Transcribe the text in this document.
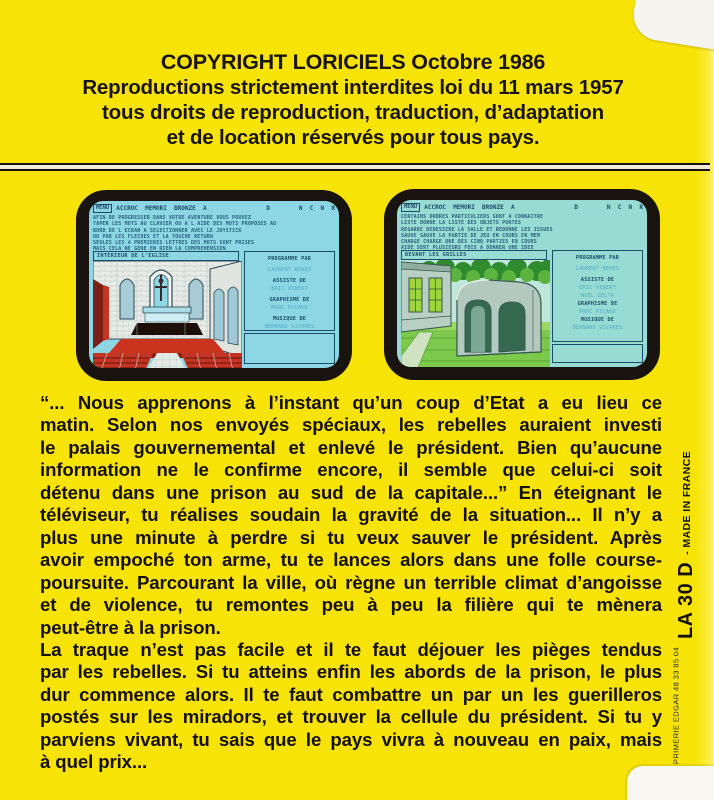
COPYRIGHT LORICIELS Octobre 1986
Reproductions strictement interdites loi du 11 mars 1957
tous droits de reproduction, traduction, d’adaptation
et de location réservés pour tous pays.
MENU	ACCROC  MEMORI  BRONZE  A	D        N  C  N  R
AFIN DE PROGRESSER DANS VOTRE AVENTURE VOUS POUVEZ
TAPER LES MOTS AU CLAVIER OU A L AIDE DES MOTS PROPOSES AU
BORD DE L ECRAN A SELECTIONNER AVEC LE JOYSTICK
OU PAR LES FLECHES ET LA TOUCHE RETURN
SEULES LES 4 PREMIERES LETTRES DES MOTS SONT PRISES
MAIS CELA NE GENE EN RIEN LA COMPREHENSION
INTERIEUR DE L'EGLISE	PROGRAMME PAR
LAURENT BENES
ASSISTE DE
ERIC VIBERT
GRAPHISME DE
MARC PICARD
MUSIQUE DE
BERNARD VIVARES
MENU	ACCROC  MEMORI  BRONZE  A	D        N  C  N  R
CERTAINS ORDRES PARTICULIERS SONT A CONNAITRE
LISTE DONNE LA LISTE DES OBJETS PORTES
REGARDE REDESSINE LA SALLE ET REDONNE LES ISSUES
SAUVE SAUVE LA PARTIE DE JEU EN COURS EN MEM
CHARGE CHARGE UNE DES CINQ PARTIES EN COURS
AIDE SERT PLUSIEURS FOIS A DONNER UNE IDEE
DEVANT LES GRILLES	PROGRAMME PAR
LAURENT BENES
ASSISTE DE
ERIC VIBERT
NOEL GELTA
GRAPHISME DE
MARC PICARD
MUSIQUE DE
BERNARD VIVARES
“... Nous apprenons à l’instant qu’un coup d’Etat a eu lieu ce
matin. Selon nos envoyés spéciaux, les rebelles auraient investi
le palais gouvernemental et enlevé le président. Bien qu’aucune
information ne le confirme encore, il semble que celui-ci soit
détenu dans une prison au sud de la capitale...” En éteignant le
téléviseur, tu réalises soudain la gravité de la situation... Il n’y a
plus une minute à perdre si tu veux sauver le président. Après
avoir empoché ton arme, tu te lances alors dans une folle course-
poursuite. Parcourant la ville, où règne un terrible climat d’angoisse
et de violence, tu remontes peu à peu la filière qui te mènera
peut-être à la prison.
La traque n’est pas facile et il te faut déjouer les pièges tendus
par les rebelles. Si tu atteins enfin les abords de la prison, le plus
dur commence alors. Il te faut combattre un par un les guerilleros
postés sur les miradors, et trouver la cellule du président. Si tu y
parviens vivant, tu sais que le pays vivra à nouveau en paix, mais
à quel prix...
LA 30 D
- MADE IN FRANCE
PRIMERIE EDGAR 48 33 85 04
